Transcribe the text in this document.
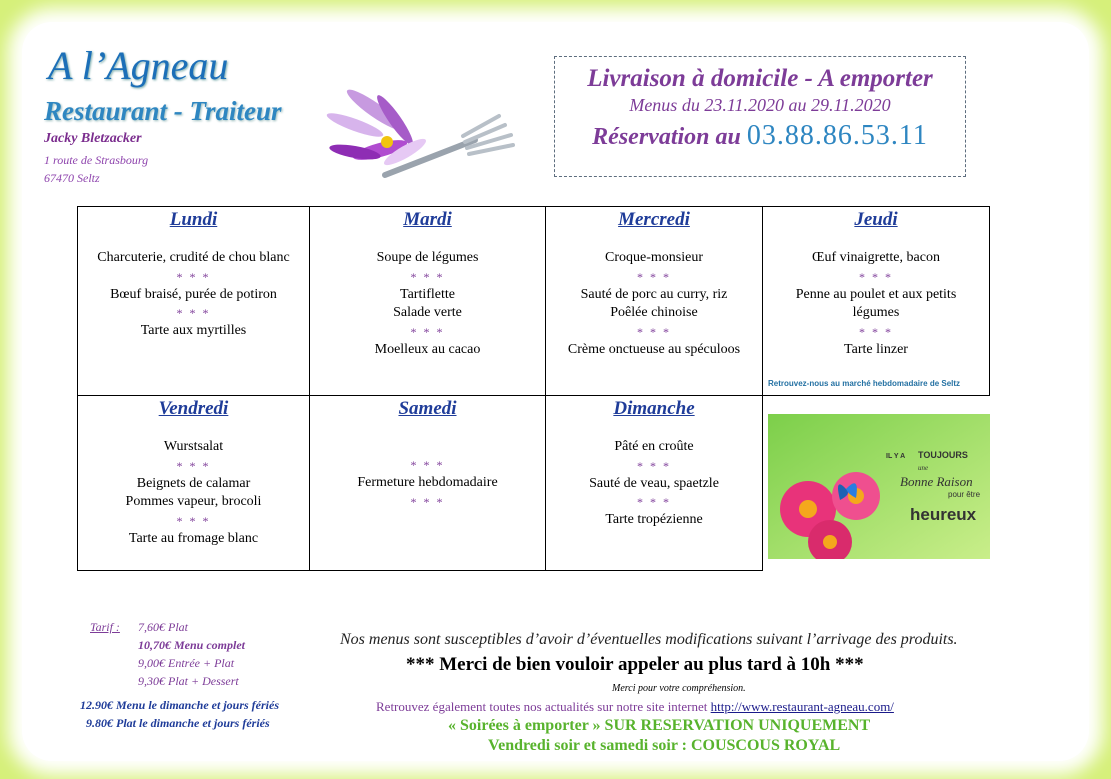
A l’Agneau
Restaurant - Traiteur
Jacky Bletzacker
1 route de Strasbourg
67470 Seltz
Livraison à domicile - A emporter
Menus du 23.11.2020 au 29.11.2020
Réservation au 03.88.86.53.11
Lundi
Charcuterie, crudité de chou blanc
* * *
Bœuf braisé, purée de potiron
* * *
Tarte aux myrtilles
Mardi
Soupe de légumes
* * *
Tartiflette
Salade verte
* * *
Moelleux au cacao
Mercredi
Croque-monsieur
* * *
Sauté de porc au curry, riz
Poêlée chinoise
* * *
Crème onctueuse au spéculoos
Jeudi
Œuf vinaigrette, bacon
* * *
Penne au poulet et aux petits
légumes
* * *
Tarte linzer
Vendredi
Wurstsalat
* * *
Beignets de calamar
Pommes vapeur, brocoli
* * *
Tarte au fromage blanc
Samedi
* * *
Fermeture hebdomadaire
* * *
Dimanche
Pâté en croûte
* * *
Sauté de veau, spaetzle
* * *
Tarte tropézienne
Retrouvez-nous au marché hebdomadaire de Seltz
IL Y A TOUJOURS
une
Bonne Raison
pour être
heureux
Tarif : 7,60€ Plat
10,70€ Menu complet
9,00€ Entrée + Plat
9,30€ Plat + Dessert
12.90€ Menu le dimanche et jours fériés
9.80€ Plat le dimanche et jours fériés
Nos menus sont susceptibles d’avoir d’éventuelles modifications suivant l’arrivage des produits.
*** Merci de bien vouloir appeler au plus tard à 10h ***
Merci pour votre compréhension.
Retrouvez également toutes nos actualités sur notre site internet http://www.restaurant-agneau.com/
« Soirées à emporter » SUR RESERVATION UNIQUEMENT
Vendredi soir et samedi soir : COUSCOUS ROYAL
